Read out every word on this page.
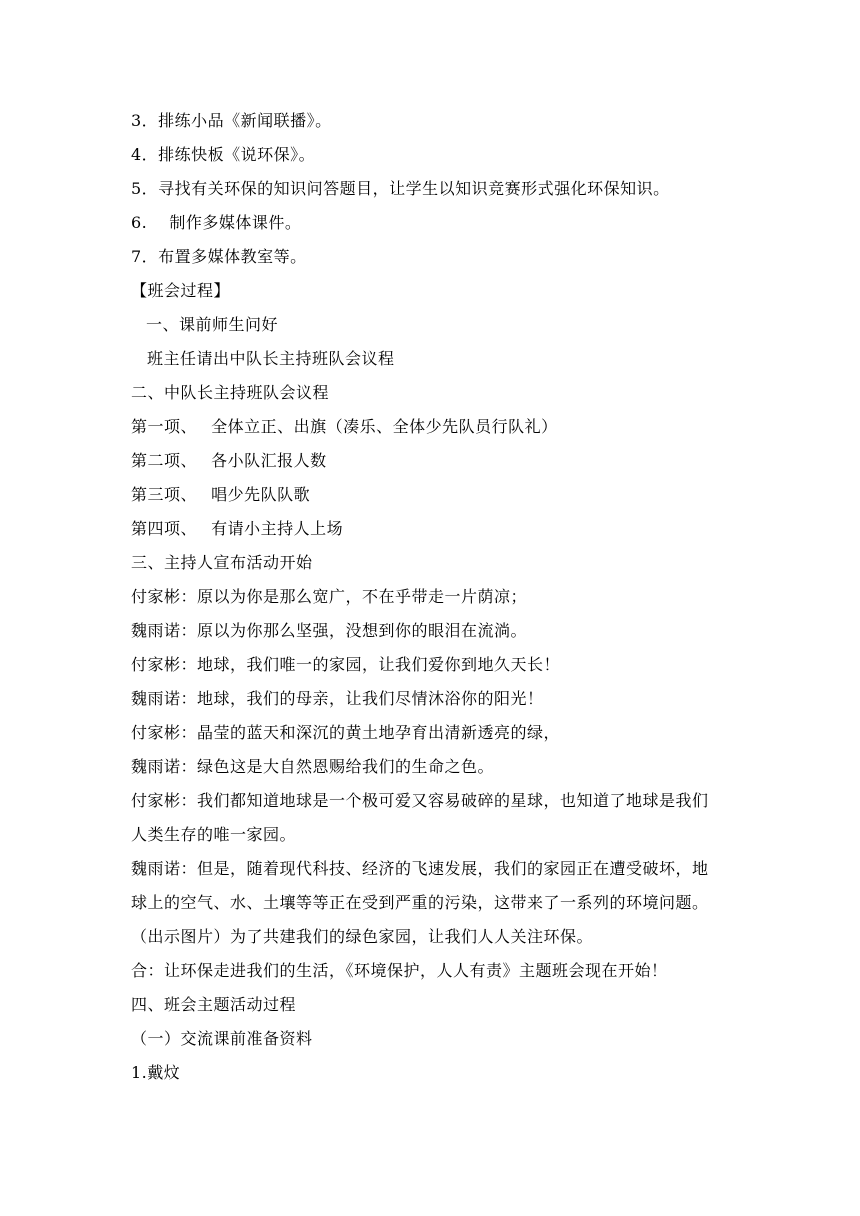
3．排练小品《新闻联播》。
4．排练快板《说环保》。
5．寻找有关环保的知识问答题目，让学生以知识竞赛形式强化环保知识。
6.　 制作多媒体课件。
7．布置多媒体教室等。
【班会过程】
一、课前师生问好
班主任请出中队长主持班队会议程
二、中队长主持班队会议程
第一项、　 全体立正、出旗（凑乐、全体少先队员行队礼）
第二项、　 各小队汇报人数
第三项、　 唱少先队队歌
第四项、　 有请小主持人上场
三、主持人宣布活动开始
付家彬：原以为你是那么宽广，不在乎带走一片荫凉；
魏雨诺：原以为你那么坚强，没想到你的眼泪在流淌。
付家彬：地球，我们唯一的家园，让我们爱你到地久天长！
魏雨诺：地球，我们的母亲，让我们尽情沐浴你的阳光！
付家彬：晶莹的蓝天和深沉的黄土地孕育出清新透亮的绿，
魏雨诺：绿色这是大自然恩赐给我们的生命之色。
付家彬：我们都知道地球是一个极可爱又容易破碎的星球，也知道了地球是我们
人类生存的唯一家园。
魏雨诺：但是，随着现代科技、经济的飞速发展，我们的家园正在遭受破坏，地
球上的空气、水、土壤等等正在受到严重的污染，这带来了一系列的环境问题。
（出示图片）为了共建我们的绿色家园，让我们人人关注环保。
合：让环保走进我们的生活，《环境保护，人人有责》主题班会现在开始！
四、班会主题活动过程
（一）交流课前准备资料
1.戴炆
